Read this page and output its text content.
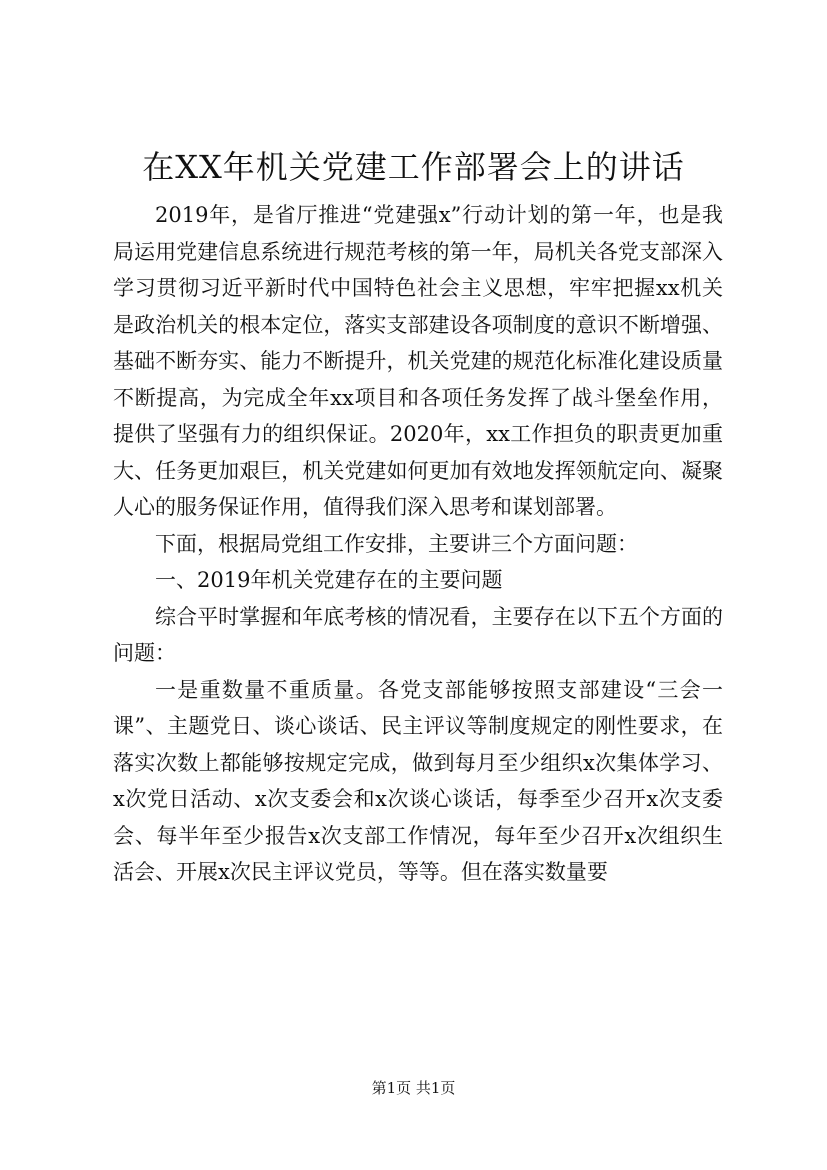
在XX年机关党建工作部署会上的讲话

2019年，是省厅推进“党建强x”行动计划的第一年，也是我局运用党建信息系统进行规范考核的第一年，局机关各党支部深入学习贯彻习近平新时代中国特色社会主义思想，牢牢把握xx机关是政治机关的根本定位，落实支部建设各项制度的意识不断增强、基础不断夯实、能力不断提升，机关党建的规范化标准化建设质量不断提高，为完成全年xx项目和各项任务发挥了战斗堡垒作用，提供了坚强有力的组织保证。2020年，xx工作担负的职责更加重大、任务更加艰巨，机关党建如何更加有效地发挥领航定向、凝聚人心的服务保证作用，值得我们深入思考和谋划部署。

下面，根据局党组工作安排，主要讲三个方面问题：

一、2019年机关党建存在的主要问题

综合平时掌握和年底考核的情况看，主要存在以下五个方面的问题：

一是重数量不重质量。各党支部能够按照支部建设“三会一课”、主题党日、谈心谈话、民主评议等制度规定的刚性要求，在落实次数上都能够按规定完成，做到每月至少组织x次集体学习、x次党日活动、x次支委会和x次谈心谈话，每季至少召开x次支委会、每半年至少报告x次支部工作情况，每年至少召开x次组织生活会、开展x次民主评议党员，等等。但在落实数量要

第1页 共1页
